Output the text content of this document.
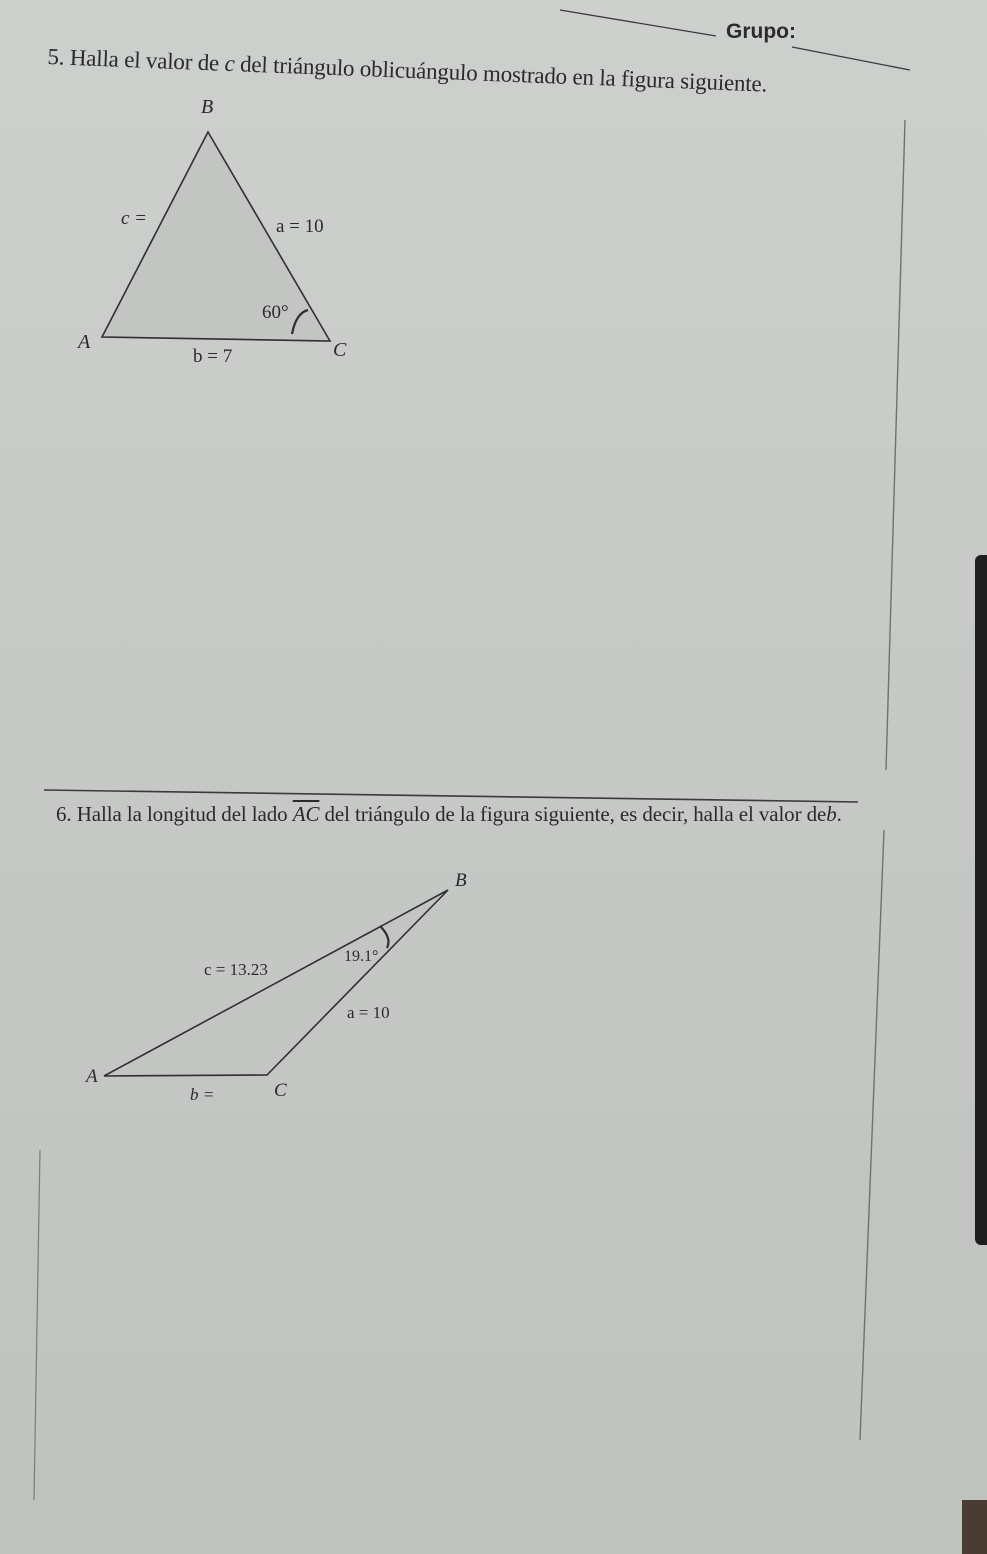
Grupo:
5. Halla el valor de c del triángulo oblicuángulo mostrado en la figura siguiente.
6. Halla la longitud del lado $\overline{AC}$ del triángulo de la figura siguiente, es decir, halla el valor deb.
B
A	C
c =	a = 10
b = 7
60°
B
A
C
c = 13.23
a = 10
b =
19.1°
